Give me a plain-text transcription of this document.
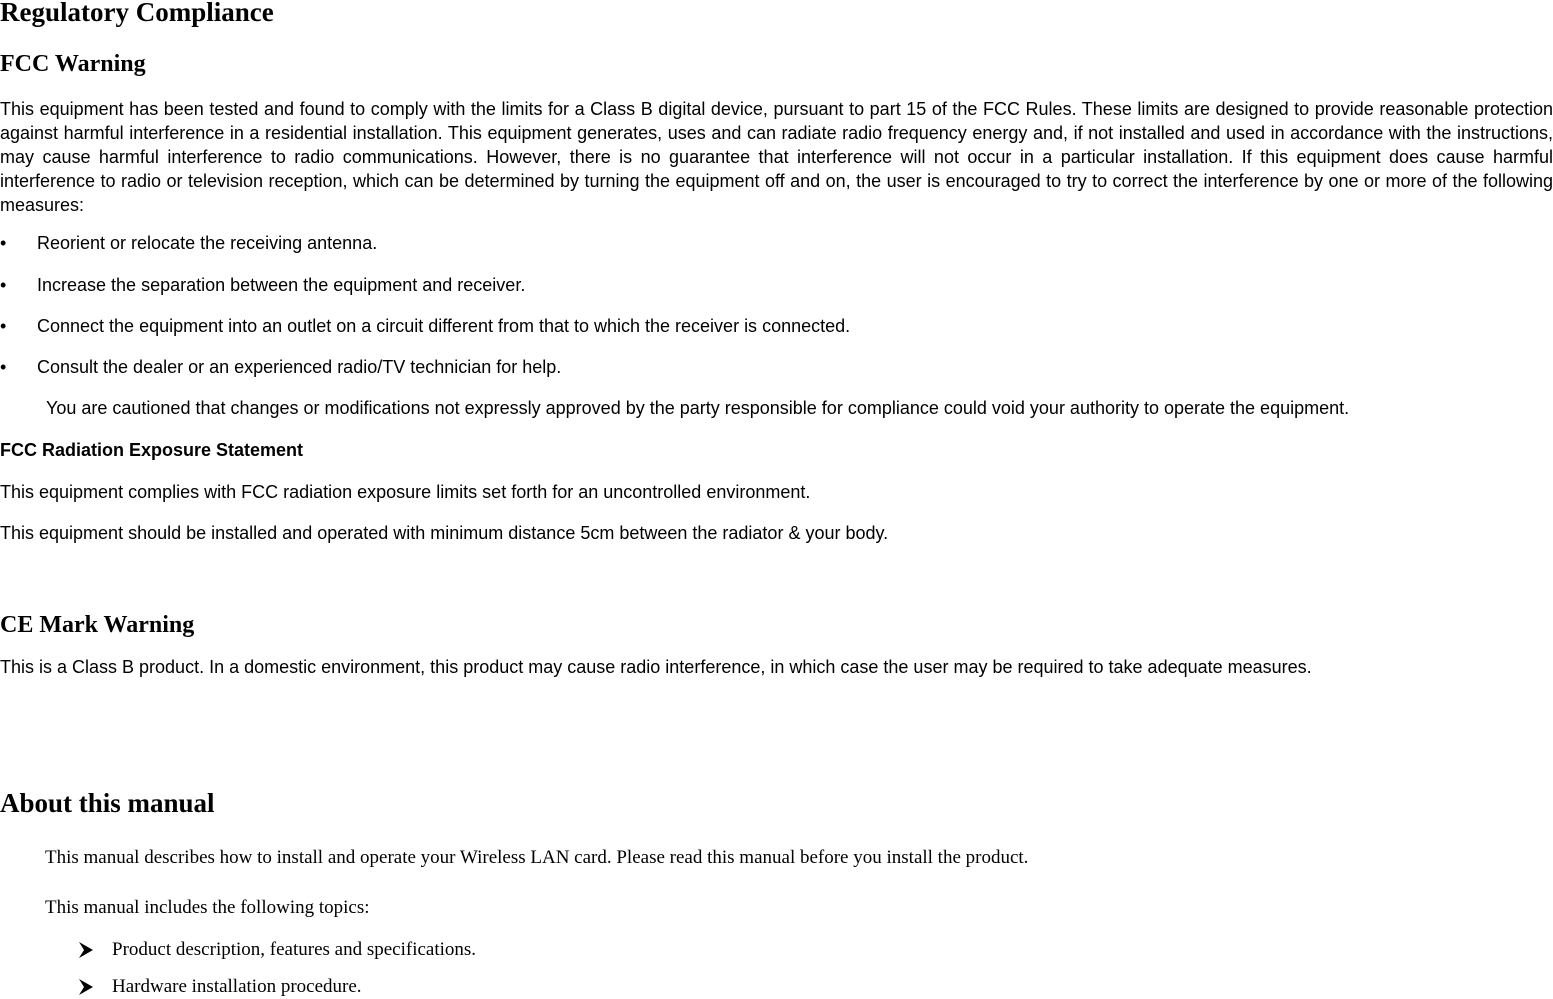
Regulatory Compliance
FCC Warning

This equipment has been tested and found to comply with the limits for a Class B digital device, pursuant to part 15 of the FCC Rules. These limits are designed to provide reasonable protection against harmful interference in a residential installation. This equipment generates, uses and can radiate radio frequency energy and, if not installed and used in accordance with the instructions, may cause harmful interference to radio communications. However, there is no guarantee that interference will not occur in a particular installation. If this equipment does cause harmful interference to radio or television reception, which can be determined by turning the equipment off and on, the user is encouraged to try to correct the interference by one or more of the following measures:

• Reorient or relocate the receiving antenna.
• Increase the separation between the equipment and receiver.
• Connect the equipment into an outlet on a circuit different from that to which the receiver is connected.
• Consult the dealer or an experienced radio/TV technician for help.

You are cautioned that changes or modifications not expressly approved by the party responsible for compliance could void your authority to operate the equipment.

FCC Radiation Exposure Statement

This equipment complies with FCC radiation exposure limits set forth for an uncontrolled environment.

This equipment should be installed and operated with minimum distance 5cm between the radiator & your body.

CE Mark Warning

This is a Class B product. In a domestic environment, this product may cause radio interference, in which case the user may be required to take adequate measures.

About this manual

This manual describes how to install and operate your Wireless LAN card. Please read this manual before you install the product.

This manual includes the following topics:

Product description, features and specifications.
Hardware installation procedure.
